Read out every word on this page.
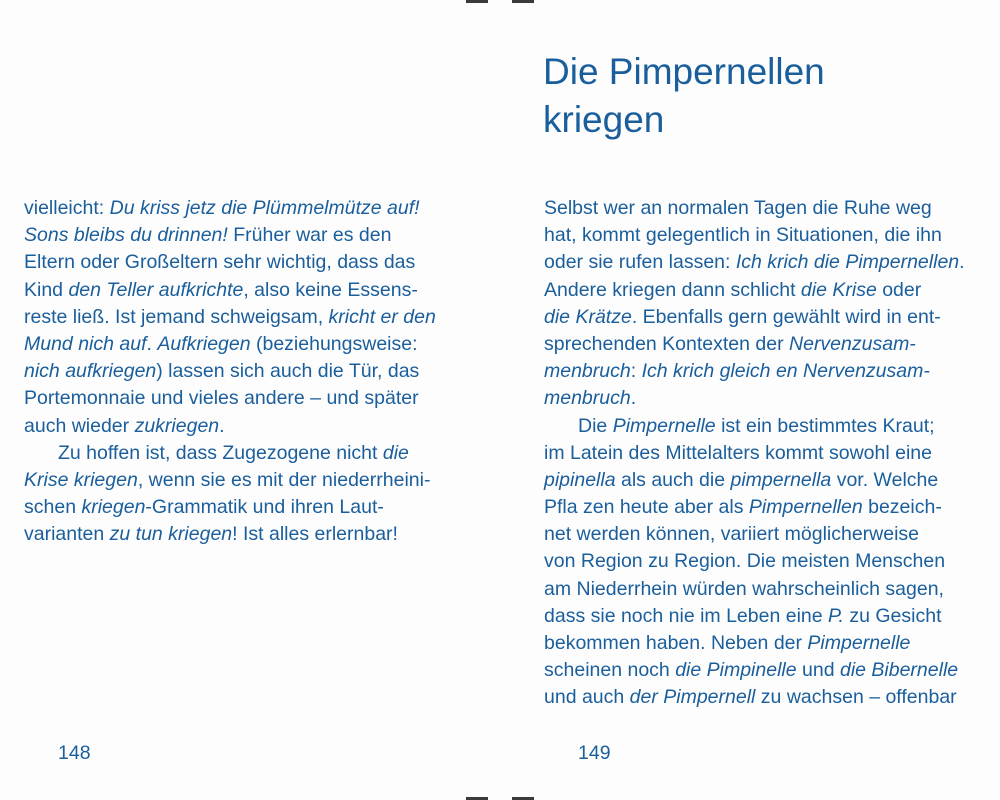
vielleicht: Du kriss jetz die Plümmelmütze auf!
Sons bleibs du drinnen! Früher war es den
Eltern oder Großeltern sehr wichtig, dass das
Kind den Teller aufkrichte, also keine Essens-
reste ließ. Ist jemand schweigsam, kricht er den
Mund nich auf. Aufkriegen (beziehungsweise:
nich aufkriegen) lassen sich auch die Tür, das
Portemonnaie und vieles andere – und später
auch wieder zukriegen.
Zu hoffen ist, dass Zugezogene nicht die
Krise kriegen, wenn sie es mit der niederrheini-
schen kriegen-Grammatik und ihren Laut-
varianten zu tun kriegen! Ist alles erlernbar!
148
Die Pimpernellen
kriegen
Selbst wer an normalen Tagen die Ruhe weg
hat, kommt gelegentlich in Situationen, die ihn
oder sie rufen lassen: Ich krich die Pimpernellen.
Andere kriegen dann schlicht die Krise oder
die Krätze. Ebenfalls gern gewählt wird in ent-
sprechenden Kontexten der Nervenzusam-
menbruch: Ich krich gleich en Nervenzusam-
menbruch.
Die Pimpernelle ist ein bestimmtes Kraut;
im Latein des Mittelalters kommt sowohl eine
pipinella als auch die pimpernella vor. Welche
Pfla zen heute aber als Pimpernellen bezeich-
net werden können, variiert möglicherweise
von Region zu Region. Die meisten Menschen
am Niederrhein würden wahrscheinlich sagen,
dass sie noch nie im Leben eine P. zu Gesicht
bekommen haben. Neben der Pimpernelle
scheinen noch die Pimpinelle und die Bibernelle
und auch der Pimpernell zu wachsen – offenbar
149
